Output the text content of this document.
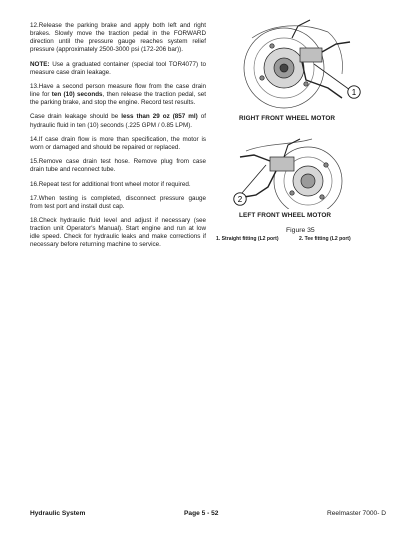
12.Release the parking brake and apply both left and right brakes. Slowly move the traction pedal in the FORWARD direction until the pressure gauge reaches system relief pressure (approximately 2500-3000 psi (172-206 bar)).

NOTE: Use a graduated container (special tool TOR4077) to measure case drain leakage.

13.Have a second person measure flow from the case drain line for ten (10) seconds, then release the traction pedal, set the parking brake, and stop the engine. Record test results.

Case drain leakage should be less than 29 oz (857 ml) of hydraulic fluid in ten (10) seconds (.225 GPM / 0.85 LPM).

14.If case drain flow is more than specification, the motor is worn or damaged and should be repaired or replaced.

15.Remove case drain test hose. Remove plug from case drain tube and reconnect tube.

16.Repeat test for additional front wheel motor if required.

17.When testing is completed, disconnect pressure gauge from test port and install dust cap.

18.Check hydraulic fluid level and adjust if necessary (see traction unit Operator's Manual). Start engine and run at low idle speed. Check for hydraulic leaks and make corrections if necessary before returning machine to service.

1
RIGHT FRONT WHEEL MOTOR
2
LEFT FRONT WHEEL MOTOR
Figure 35
1. Straight fitting (L2 port)	2. Tee fitting (L2 port)
Hydraulic System	Page 5 - 52	Reelmaster 7000- D
